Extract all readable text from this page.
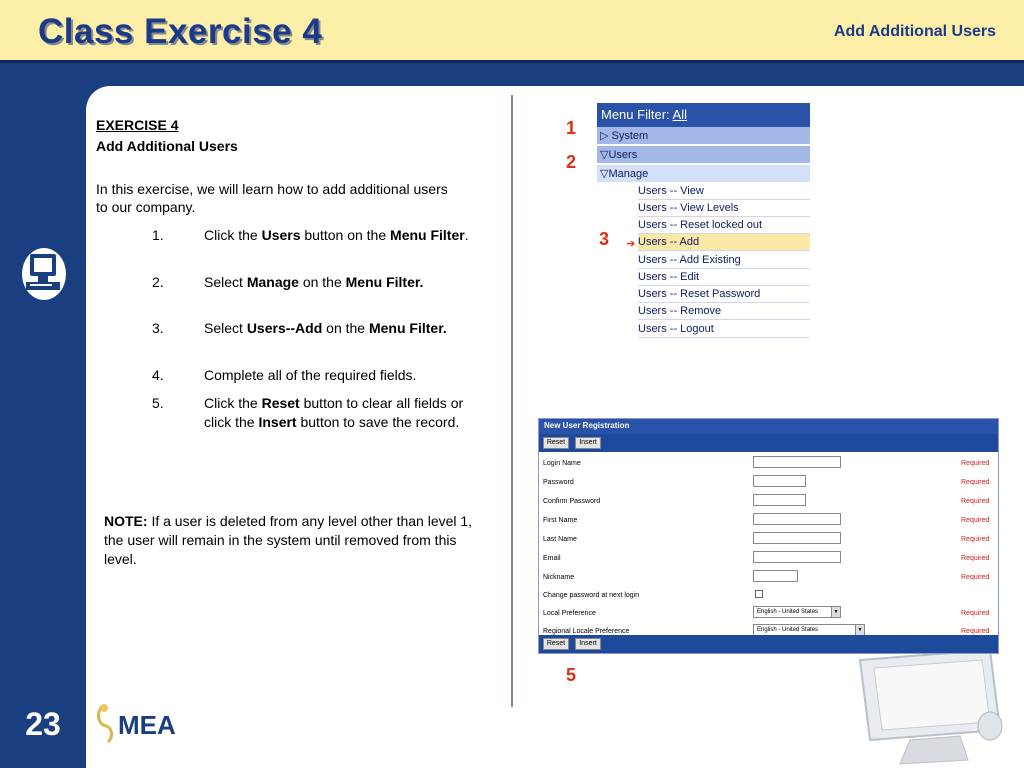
Class Exercise 4	Add Additional Users
23
EXERCISE 4
Add Additional Users
In this exercise, we will learn how to add additional users to our company.
1.	Click the Users button on the Menu Filter.
2.	Select Manage on the Menu Filter.
3.	Select Users--Add on the Menu Filter.
4.	Complete all of the required fields.
5.	Click the Reset button to clear all fields or click the Insert button to save the record.
NOTE: If a user is deleted from any level other than level 1, the user will remain in the system until removed from this level.
1
2
3
5
➔
Menu Filter: All
▷ System
▽Users
▽Manage
Users -- View
Users -- View Levels
Users -- Reset locked out
Users -- Add
Users -- Add Existing
Users -- Edit
Users -- Reset Password
Users -- Remove
Users -- Logout
New User Registration
Reset	Insert
Login Name	Required
Password	Required
Confirm Password	Required
First Name	Required
Last Name	Required
Email	Required
Nickname	Required
Change password at next login
Local Preference	English - United States	▼	Required
Regional Locale Preference	English - United States	▼	Required
Reset	Insert
MEA
